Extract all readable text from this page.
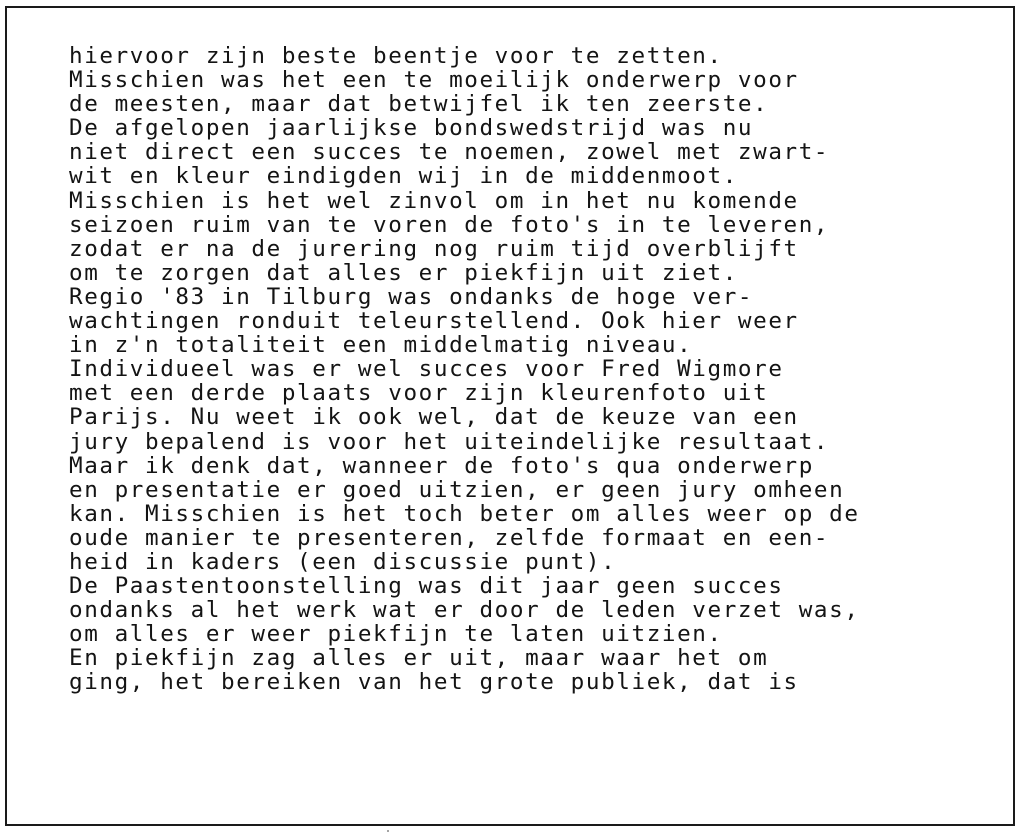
hiervoor zijn beste beentje voor te zetten.
Misschien was het een te moeilijk onderwerp voor
de meesten, maar dat betwijfel ik ten zeerste.
De afgelopen jaarlijkse bondswedstrijd was nu
niet direct een succes te noemen, zowel met zwart-
wit en kleur eindigden wij in de middenmoot.
Misschien is het wel zinvol om in het nu komende
seizoen ruim van te voren de foto's in te leveren,
zodat er na de jurering nog ruim tijd overblijft
om te zorgen dat alles er piekfijn uit ziet.
Regio '83 in Tilburg was ondanks de hoge ver-
wachtingen ronduit teleurstellend. Ook hier weer
in z'n totaliteit een middelmatig niveau.
Individueel was er wel succes voor Fred Wigmore
met een derde plaats voor zijn kleurenfoto uit
Parijs. Nu weet ik ook wel, dat de keuze van een
jury bepalend is voor het uiteindelijke resultaat.
Maar ik denk dat, wanneer de foto's qua onderwerp
en presentatie er goed uitzien, er geen jury omheen
kan. Misschien is het toch beter om alles weer op de
oude manier te presenteren, zelfde formaat en een-
heid in kaders (een discussie punt).
De Paastentoonstelling was dit jaar geen succes
ondanks al het werk wat er door de leden verzet was,
om alles er weer piekfijn te laten uitzien.
En piekfijn zag alles er uit, maar waar het om
ging, het bereiken van het grote publiek, dat is
